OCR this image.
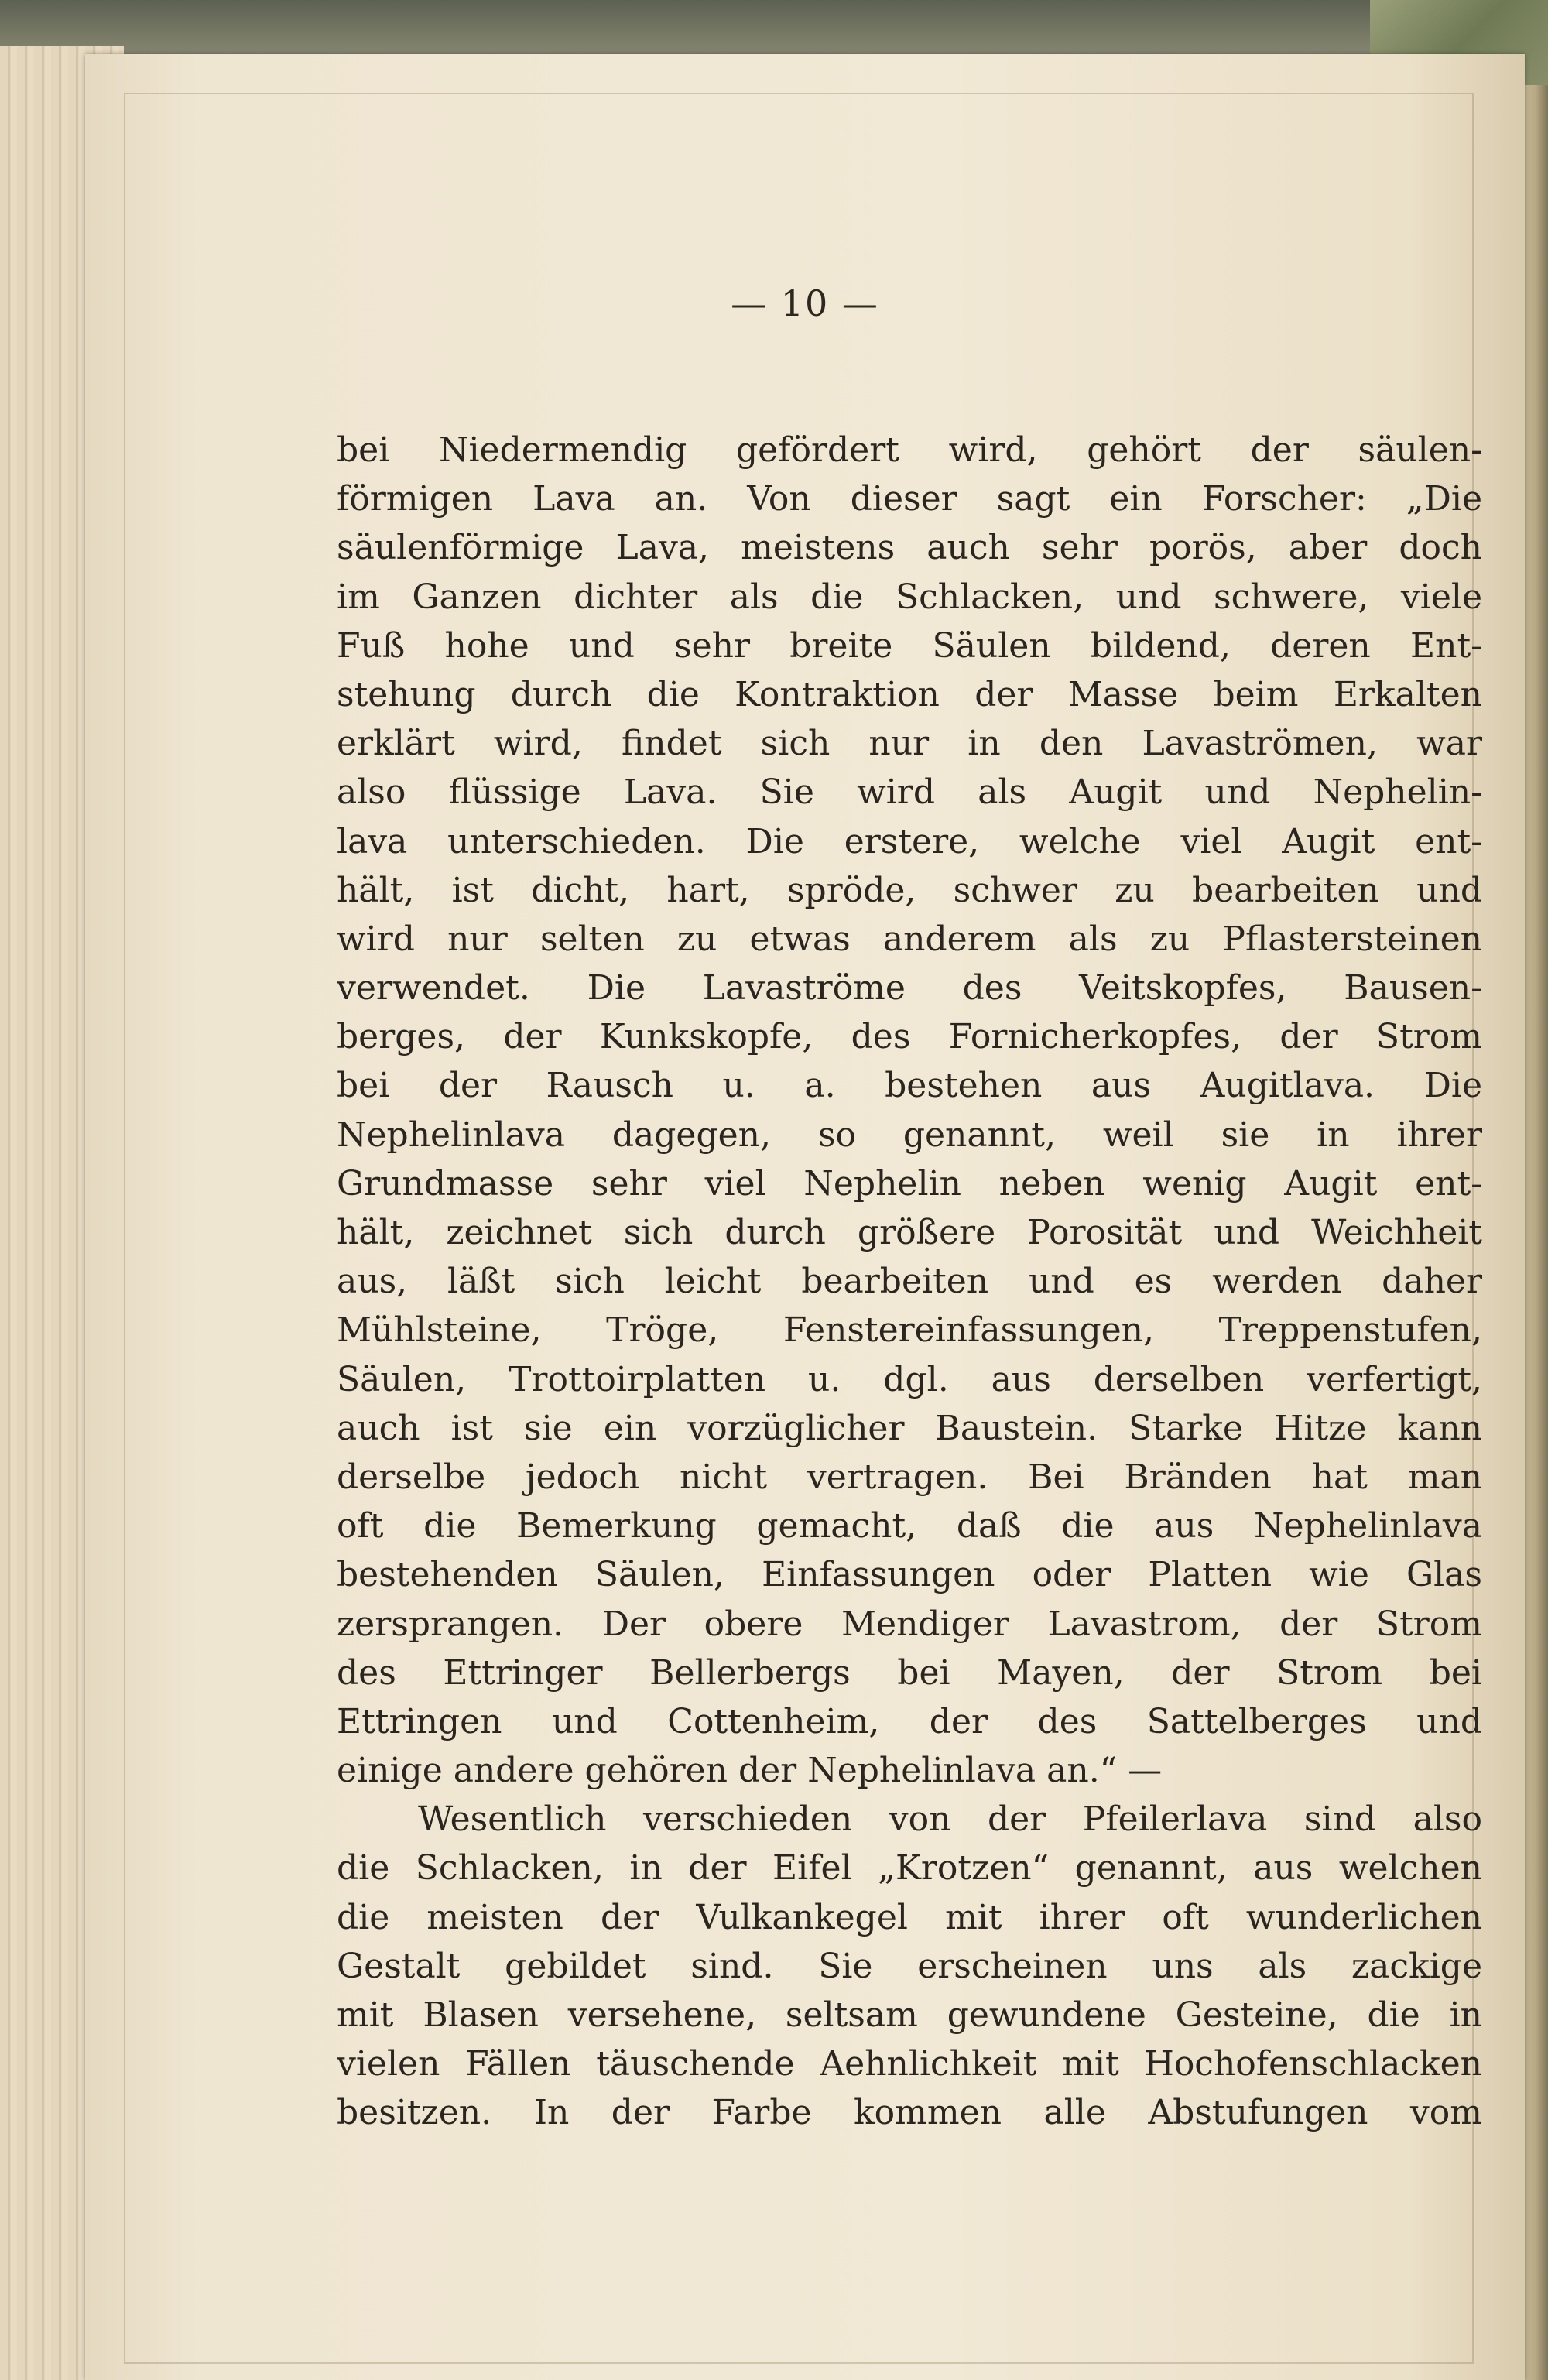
— 10 —
bei Niedermendig gefördert wird, gehört der säulen-
förmigen Lava an. Von dieser sagt ein Forscher: „Die
säulenförmige Lava, meistens auch sehr porös, aber doch
im Ganzen dichter als die Schlacken, und schwere, viele
Fuß hohe und sehr breite Säulen bildend, deren Ent-
stehung durch die Kontraktion der Masse beim Erkalten
erklärt wird, findet sich nur in den Lavaströmen, war
also flüssige Lava. Sie wird als Augit und Nephelin-
lava unterschieden. Die erstere, welche viel Augit ent-
hält, ist dicht, hart, spröde, schwer zu bearbeiten und
wird nur selten zu etwas anderem als zu Pflastersteinen
verwendet. Die Lavaströme des Veitskopfes, Bausen-
berges, der Kunkskopfe, des Fornicherkopfes, der Strom
bei der Rausch u. a. bestehen aus Augitlava. Die
Nephelinlava dagegen, so genannt, weil sie in ihrer
Grundmasse sehr viel Nephelin neben wenig Augit ent-
hält, zeichnet sich durch größere Porosität und Weichheit
aus, läßt sich leicht bearbeiten und es werden daher
Mühlsteine, Tröge, Fenstereinfassungen, Treppenstufen,
Säulen, Trottoirplatten u. dgl. aus derselben verfertigt,
auch ist sie ein vorzüglicher Baustein. Starke Hitze kann
derselbe jedoch nicht vertragen. Bei Bränden hat man
oft die Bemerkung gemacht, daß die aus Nephelinlava
bestehenden Säulen, Einfassungen oder Platten wie Glas
zersprangen. Der obere Mendiger Lavastrom, der Strom
des Ettringer Bellerbergs bei Mayen, der Strom bei
Ettringen und Cottenheim, der des Sattelberges und
einige andere gehören der Nephelinlava an.“ —
Wesentlich verschieden von der Pfeilerlava sind also
die Schlacken, in der Eifel „Krotzen“ genannt, aus welchen
die meisten der Vulkankegel mit ihrer oft wunderlichen
Gestalt gebildet sind. Sie erscheinen uns als zackige
mit Blasen versehene, seltsam gewundene Gesteine, die in
vielen Fällen täuschende Aehnlichkeit mit Hochofenschlacken
besitzen. In der Farbe kommen alle Abstufungen vom
